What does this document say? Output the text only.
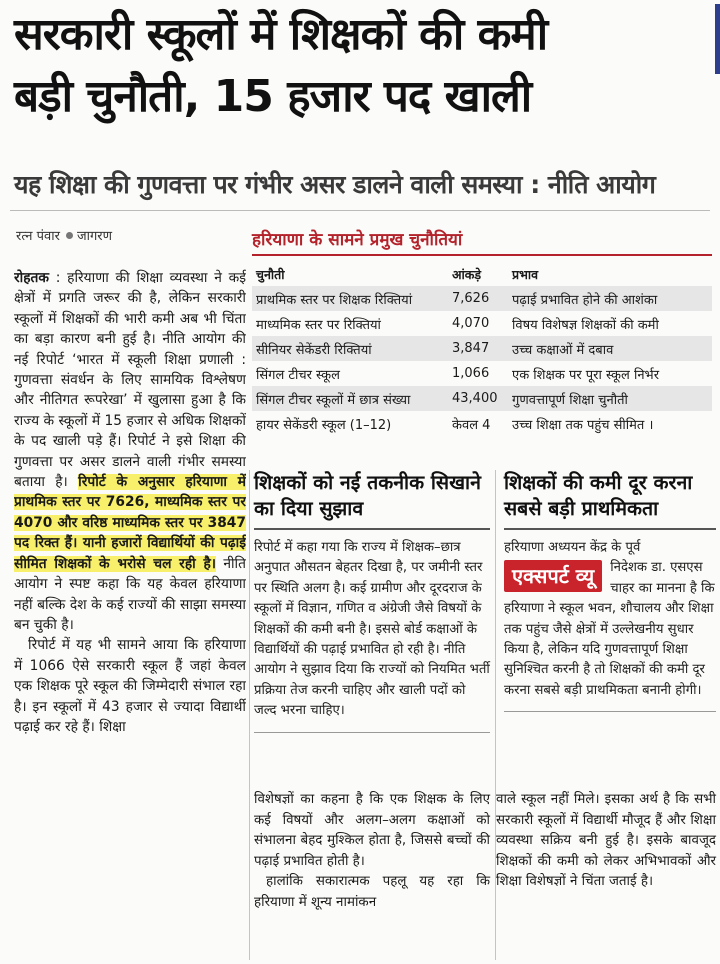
सरकारी स्कूलों में शिक्षकों की कमी
बड़ी चुनौती, 15 हजार पद खाली
यह शिक्षा की गुणवत्ता पर गंभीर असर डालने वाली समस्या : नीति आयोग
रत्न पंवार जागरण

रोहतक : हरियाणा की शिक्षा व्यवस्था ने कई क्षेत्रों में प्रगति जरूर की है, लेकिन सरकारी स्कूलों में शिक्षकों की भारी कमी अब भी चिंता का बड़ा कारण बनी हुई है। नीति आयोग की नई रिपोर्ट ‘भारत में स्कूली शिक्षा प्रणाली : गुणवत्ता संवर्धन के लिए सामयिक विश्लेषण और नीतिगत रूपरेखा’ में खुलासा हुआ है कि राज्य के स्कूलों में 15 हजार से अधिक शिक्षकों के पद खाली पड़े हैं। रिपोर्ट ने इसे शिक्षा की गुणवत्ता पर असर डालने वाली गंभीर समस्या बताया है। रिपोर्ट के अनुसार हरियाणा में प्राथमिक स्तर पर 7626, माध्यमिक स्तर पर 4070 और वरिष्ठ माध्यमिक स्तर पर 3847 पद रिक्त हैं। यानी हजारों विद्यार्थियों की पढ़ाई सीमित शिक्षकों के भरोसे चल रही है। नीति आयोग ने स्पष्ट कहा कि यह केवल हरियाणा नहीं बल्कि देश के कई राज्यों की साझा समस्या बन चुकी है।

रिपोर्ट में यह भी सामने आया कि हरियाणा में 1066 ऐसे सरकारी स्कूल हैं जहां केवल एक शिक्षक पूरे स्कूल की जिम्मेदारी संभाल रहा है। इन स्कूलों में 43 हजार से ज्यादा विद्यार्थी पढ़ाई कर रहे हैं। शिक्षा

हरियाणा के सामने प्रमुख चुनौतियां
चुनौती	आंकड़े	प्रभाव
प्राथमिक स्तर पर शिक्षक रिक्तियां	7,626	पढ़ाई प्रभावित होने की आशंका
माध्यमिक स्तर पर रिक्तियां	4,070	विषय विशेषज्ञ शिक्षकों की कमी
सीनियर सेकेंडरी रिक्तियां	3,847	उच्च कक्षाओं में दबाव
सिंगल टीचर स्कूल	1,066	एक शिक्षक पर पूरा स्कूल निर्भर
सिंगल टीचर स्कूलों में छात्र संख्या	43,400	गुणवत्तापूर्ण शिक्षा चुनौती
हायर सेकेंडरी स्कूल (1–12)	केवल 4	उच्च शिक्षा तक पहुंच सीमित ।
शिक्षकों को नई तकनीक सिखाने का दिया सुझाव
रिपोर्ट में कहा गया कि राज्य में शिक्षक–छात्र अनुपात औसतन बेहतर दिखा है, पर जमीनी स्तर पर स्थिति अलग है। कई ग्रामीण और दूरदराज के स्कूलों में विज्ञान, गणित व अंग्रेजी जैसे विषयों के शिक्षकों की कमी बनी है। इससे बोर्ड कक्षाओं के विद्यार्थियों की पढ़ाई प्रभावित हो रही है। नीति आयोग ने सुझाव दिया कि राज्यों को नियमित भर्ती प्रक्रिया तेज करनी चाहिए और खाली पदों को जल्द भरना चाहिए।
शिक्षकों की कमी दूर करना सबसे बड़ी प्राथमिकता
हरियाणा अध्ययन केंद्र के पूर्व
एक्सपर्ट व्यू	निदेशक डा. एसएस चाहर का मानना है कि हरियाणा ने स्कूल भवन, शौचालय और शिक्षा तक पहुंच जैसे क्षेत्रों में उल्लेखनीय सुधार किया है, लेकिन यदि गुणवत्तापूर्ण शिक्षा सुनिश्चित करनी है तो शिक्षकों की कमी दूर करना सबसे बड़ी प्राथमिकता बनानी होगी।

विशेषज्ञों का कहना है कि एक शिक्षक के लिए कई विषयों और अलग–अलग कक्षाओं को संभालना बेहद मुश्किल होता है, जिससे बच्चों की पढ़ाई प्रभावित होती है।

हालांकि सकारात्मक पहलू यह रहा कि हरियाणा में शून्य नामांकन

वाले स्कूल नहीं मिले। इसका अर्थ है कि सभी सरकारी स्कूलों में विद्यार्थी मौजूद हैं और शिक्षा व्यवस्था सक्रिय बनी हुई है। इसके बावजूद शिक्षकों की कमी को लेकर अभिभावकों और शिक्षा विशेषज्ञों ने चिंता जताई है।
